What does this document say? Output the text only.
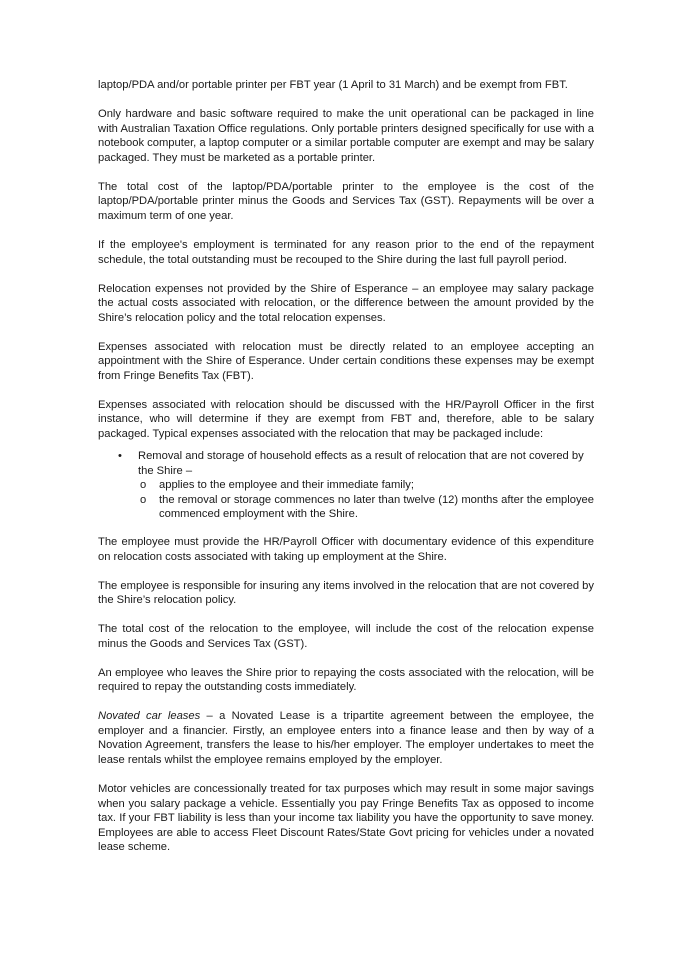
laptop/PDA and/or portable printer per FBT year (1 April to 31 March) and be exempt from FBT.

Only hardware and basic software required to make the unit operational can be packaged in line with Australian Taxation Office regulations. Only portable printers designed specifically for use with a notebook computer, a laptop computer or a similar portable computer are exempt and may be salary packaged. They must be marketed as a portable printer.

The total cost of the laptop/PDA/portable printer to the employee is the cost of the laptop/PDA/portable printer minus the Goods and Services Tax (GST). Repayments will be over a maximum term of one year.

If the employee's employment is terminated for any reason prior to the end of the repayment schedule, the total outstanding must be recouped to the Shire during the last full payroll period.

Relocation expenses not provided by the Shire of Esperance – an employee may salary package the actual costs associated with relocation, or the difference between the amount provided by the Shire’s relocation policy and the total relocation expenses.

Expenses associated with relocation must be directly related to an employee accepting an appointment with the Shire of Esperance. Under certain conditions these expenses may be exempt from Fringe Benefits Tax (FBT).

Expenses associated with relocation should be discussed with the HR/Payroll Officer in the first instance, who will determine if they are exempt from FBT and, therefore, able to be salary packaged. Typical expenses associated with the relocation that may be packaged include:

• Removal and storage of household effects as a result of relocation that are not covered by the Shire –
o applies to the employee and their immediate family;
o the removal or storage commences no later than twelve (12) months after the employee commenced employment with the Shire.

The employee must provide the HR/Payroll Officer with documentary evidence of this expenditure on relocation costs associated with taking up employment at the Shire.

The employee is responsible for insuring any items involved in the relocation that are not covered by the Shire’s relocation policy.

The total cost of the relocation to the employee, will include the cost of the relocation expense minus the Goods and Services Tax (GST).

An employee who leaves the Shire prior to repaying the costs associated with the relocation, will be required to repay the outstanding costs immediately.

Novated car leases – a Novated Lease is a tripartite agreement between the employee, the employer and a financier. Firstly, an employee enters into a finance lease and then by way of a Novation Agreement, transfers the lease to his/her employer. The employer undertakes to meet the lease rentals whilst the employee remains employed by the employer.

Motor vehicles are concessionally treated for tax purposes which may result in some major savings when you salary package a vehicle. Essentially you pay Fringe Benefits Tax as opposed to income tax. If your FBT liability is less than your income tax liability you have the opportunity to save money. Employees are able to access Fleet Discount Rates/State Govt pricing for vehicles under a novated lease scheme.
